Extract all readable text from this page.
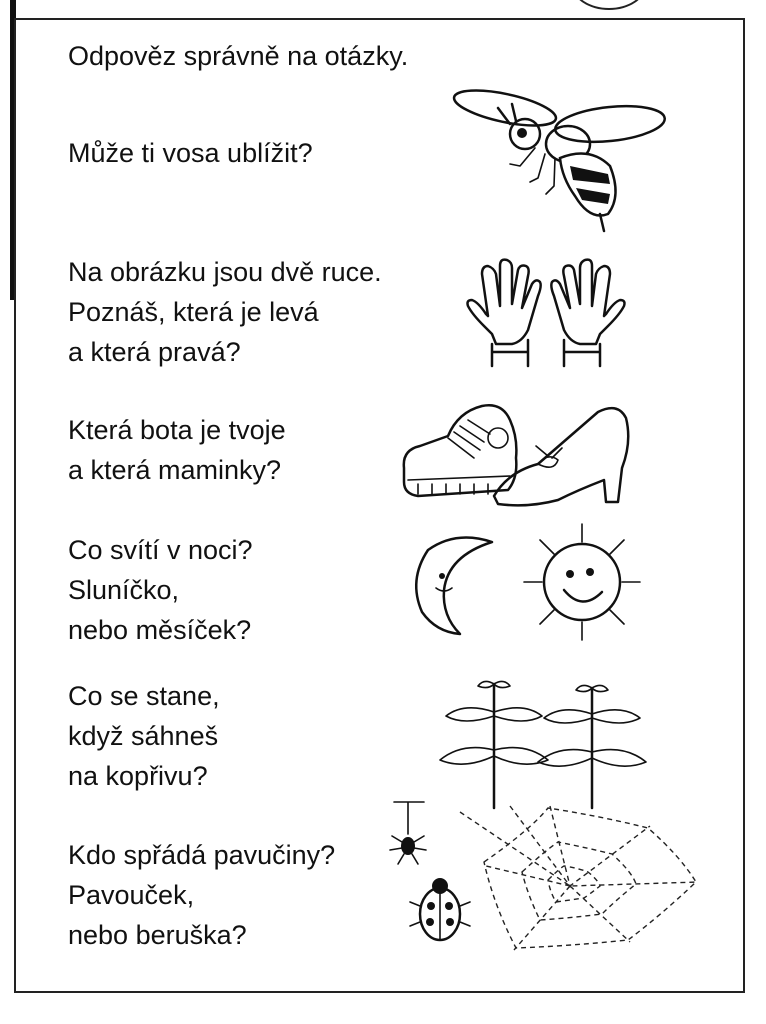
Odpověz správně na otázky.
Může ti vosa ublížit?
Na obrázku jsou dvě ruce.
Poznáš, která je levá
a která pravá?
Která bota je tvoje
a která maminky?
Co svítí v noci?
Sluníčko,
nebo měsíček?
Co se stane,
když sáhneš
na kopřivu?
Kdo spřádá pavučiny?
Pavouček,
nebo beruška?
